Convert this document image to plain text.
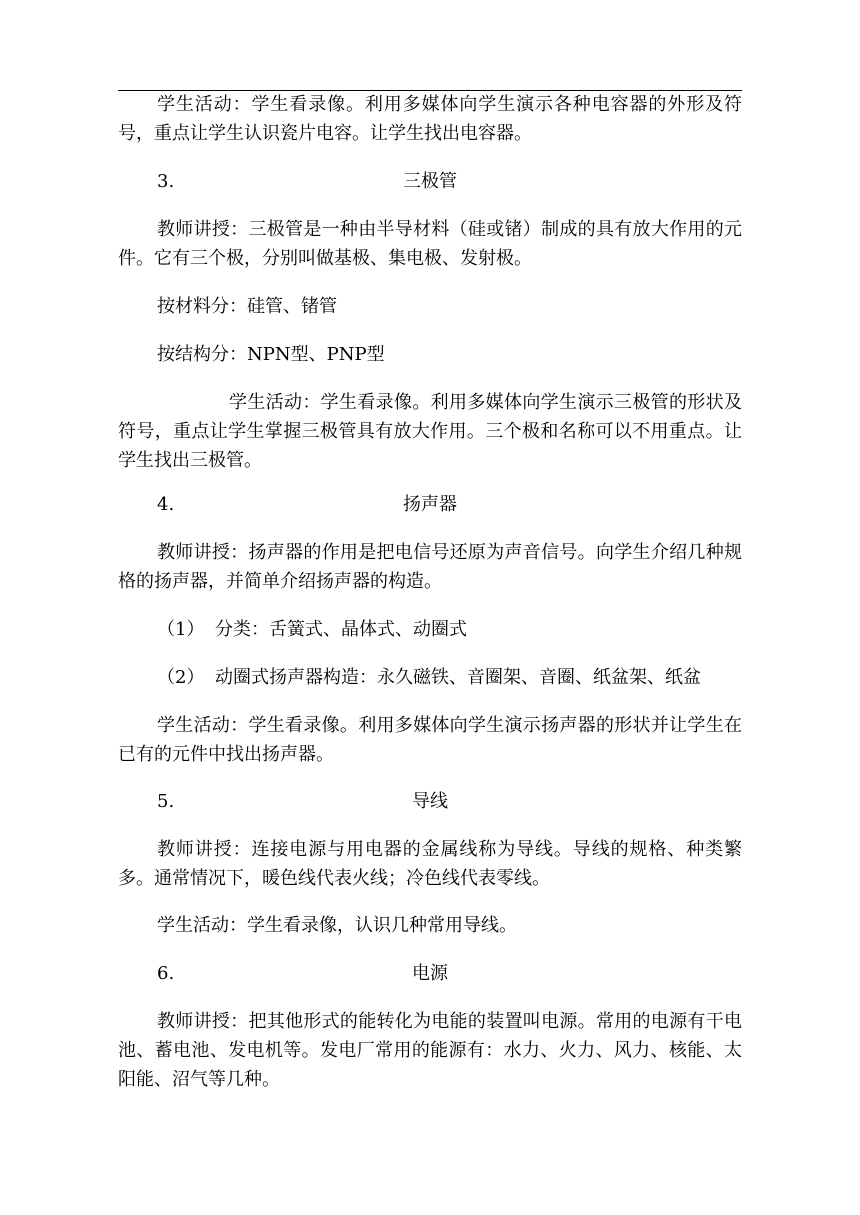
学生活动：学生看录像。利用多媒体向学生演示各种电容器的外形及符号，重点让学生认识瓷片电容。让学生找出电容器。

3.	三极管

教师讲授：三极管是一种由半导材料（硅或锗）制成的具有放大作用的元件。它有三个极，分别叫做基极、集电极、发射极。

按材料分：硅管、锗管

按结构分：NPN型、PNP型

学生活动：学生看录像。利用多媒体向学生演示三极管的形状及符号，重点让学生掌握三极管具有放大作用。三个极和名称可以不用重点。让学生找出三极管。

4.	扬声器

教师讲授：扬声器的作用是把电信号还原为声音信号。向学生介绍几种规格的扬声器，并简单介绍扬声器的构造。

（1） 分类：舌簧式、晶体式、动圈式
（2） 动圈式扬声器构造：永久磁铁、音圈架、音圈、纸盆架、纸盆

学生活动：学生看录像。利用多媒体向学生演示扬声器的形状并让学生在已有的元件中找出扬声器。

5.	导线

教师讲授：连接电源与用电器的金属线称为导线。导线的规格、种类繁多。通常情况下，暖色线代表火线；冷色线代表零线。

学生活动：学生看录像，认识几种常用导线。

6.	电源

教师讲授：把其他形式的能转化为电能的装置叫电源。常用的电源有干电池、蓄电池、发电机等。发电厂常用的能源有：水力、火力、风力、核能、太阳能、沼气等几种。
